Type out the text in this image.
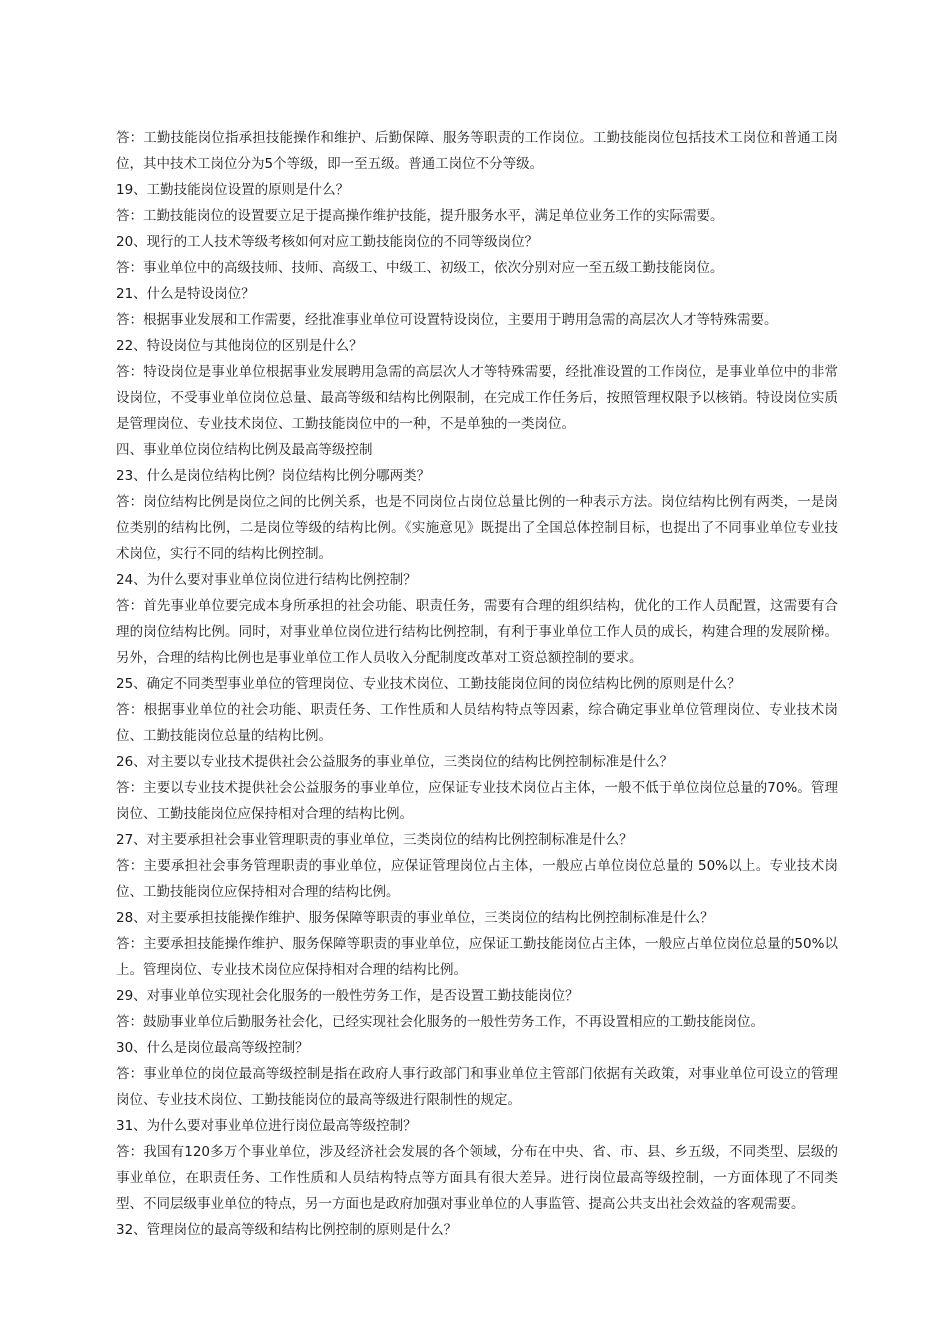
答：工勤技能岗位指承担技能操作和维护、后勤保障、服务等职责的工作岗位。工勤技能岗位包括技术工岗位和普通工岗位，其中技术工岗位分为5个等级，即一至五级。普通工岗位不分等级。

19、工勤技能岗位设置的原则是什么？

答：工勤技能岗位的设置要立足于提高操作维护技能，提升服务水平，满足单位业务工作的实际需要。

20、现行的工人技术等级考核如何对应工勤技能岗位的不同等级岗位？

答：事业单位中的高级技师、技师、高级工、中级工、初级工，依次分别对应一至五级工勤技能岗位。

21、什么是特设岗位？

答：根据事业发展和工作需要，经批准事业单位可设置特设岗位，主要用于聘用急需的高层次人才等特殊需要。

22、特设岗位与其他岗位的区别是什么？

答：特设岗位是事业单位根据事业发展聘用急需的高层次人才等特殊需要，经批准设置的工作岗位，是事业单位中的非常设岗位，不受事业单位岗位总量、最高等级和结构比例限制，在完成工作任务后，按照管理权限予以核销。特设岗位实质是管理岗位、专业技术岗位、工勤技能岗位中的一种，不是单独的一类岗位。

四、事业单位岗位结构比例及最高等级控制

23、什么是岗位结构比例？岗位结构比例分哪两类？

答：岗位结构比例是岗位之间的比例关系，也是不同岗位占岗位总量比例的一种表示方法。岗位结构比例有两类，一是岗位类别的结构比例，二是岗位等级的结构比例。《实施意见》既提出了全国总体控制目标，也提出了不同事业单位专业技术岗位，实行不同的结构比例控制。

24、为什么要对事业单位岗位进行结构比例控制？

答：首先事业单位要完成本身所承担的社会功能、职责任务，需要有合理的组织结构，优化的工作人员配置，这需要有合理的岗位结构比例。同时，对事业单位岗位进行结构比例控制，有利于事业单位工作人员的成长，构建合理的发展阶梯。另外，合理的结构比例也是事业单位工作人员收入分配制度改革对工资总额控制的要求。

25、确定不同类型事业单位的管理岗位、专业技术岗位、工勤技能岗位间的岗位结构比例的原则是什么？

答：根据事业单位的社会功能、职责任务、工作性质和人员结构特点等因素，综合确定事业单位管理岗位、专业技术岗位、工勤技能岗位总量的结构比例。

26、对主要以专业技术提供社会公益服务的事业单位，三类岗位的结构比例控制标准是什么？

答：主要以专业技术提供社会公益服务的事业单位，应保证专业技术岗位占主体，一般不低于单位岗位总量的70%。管理岗位、工勤技能岗位应保持相对合理的结构比例。

27、对主要承担社会事业管理职责的事业单位，三类岗位的结构比例控制标准是什么？

答：主要承担社会事务管理职责的事业单位，应保证管理岗位占主体，一般应占单位岗位总量的 50%以上。专业技术岗位、工勤技能岗位应保持相对合理的结构比例。

28、对主要承担技能操作维护、服务保障等职责的事业单位，三类岗位的结构比例控制标准是什么？

答：主要承担技能操作维护、服务保障等职责的事业单位，应保证工勤技能岗位占主体，一般应占单位岗位总量的50%以上。管理岗位、专业技术岗位应保持相对合理的结构比例。

29、对事业单位实现社会化服务的一般性劳务工作，是否设置工勤技能岗位？

答：鼓励事业单位后勤服务社会化，已经实现社会化服务的一般性劳务工作，不再设置相应的工勤技能岗位。

30、什么是岗位最高等级控制？

答：事业单位的岗位最高等级控制是指在政府人事行政部门和事业单位主管部门依据有关政策，对事业单位可设立的管理岗位、专业技术岗位、工勤技能岗位的最高等级进行限制性的规定。

31、为什么要对事业单位进行岗位最高等级控制？

答：我国有120多万个事业单位，涉及经济社会发展的各个领域，分布在中央、省、市、县、乡五级，不同类型、层级的事业单位，在职责任务、工作性质和人员结构特点等方面具有很大差异。进行岗位最高等级控制，一方面体现了不同类型、不同层级事业单位的特点，另一方面也是政府加强对事业单位的人事监管、提高公共支出社会效益的客观需要。

32、管理岗位的最高等级和结构比例控制的原则是什么？
